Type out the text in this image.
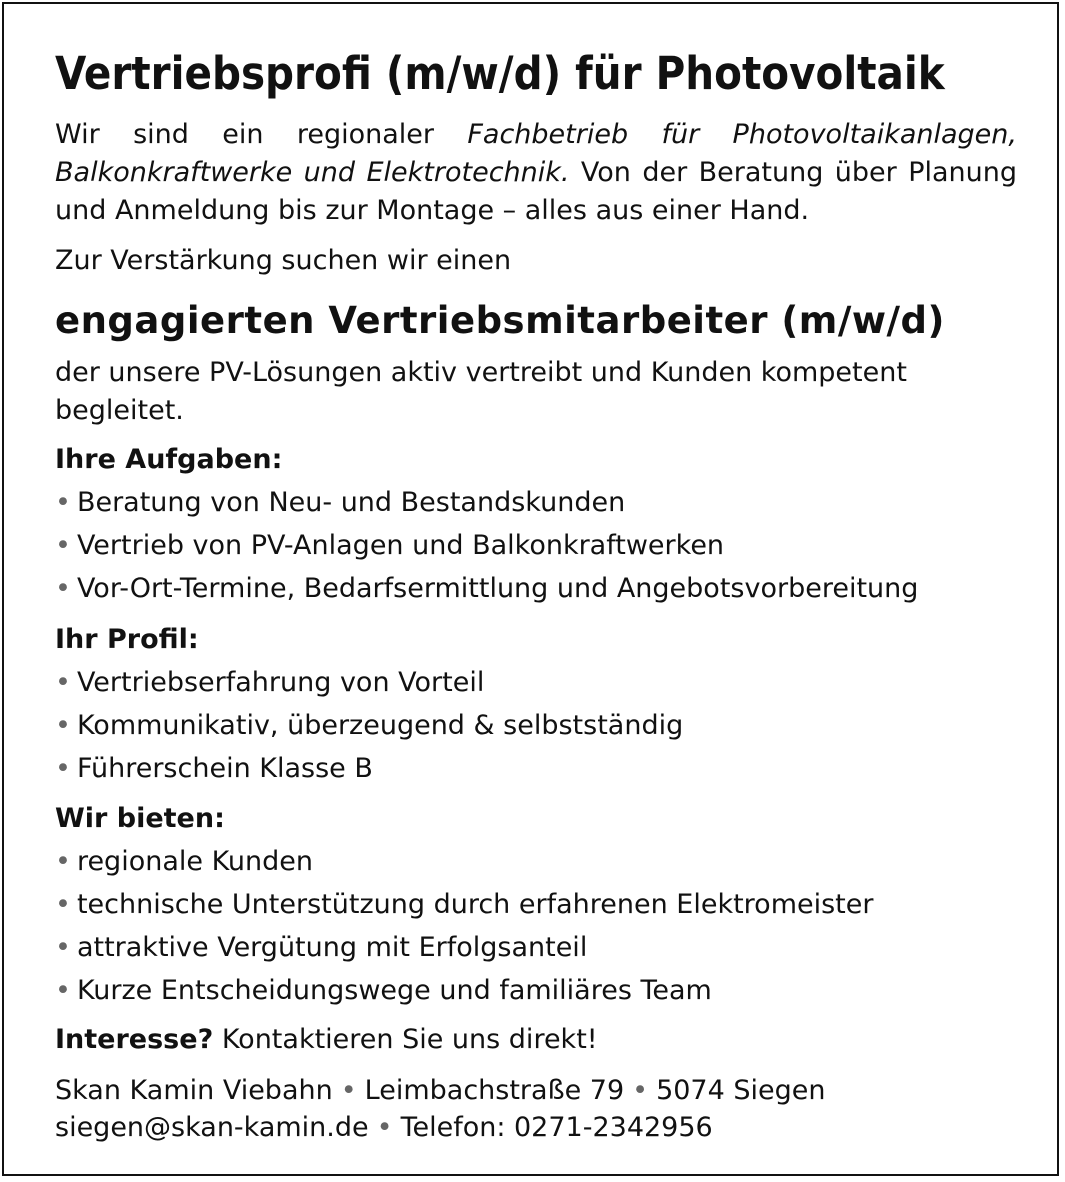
Vertriebsprofi (m/w/d) für Photovoltaik
Wir sind ein regionaler Fachbetrieb für Photovoltaikanlagen, Balkonkraftwerke und Elektrotechnik. Von der Beratung über Planung und Anmeldung bis zur Montage – alles aus einer Hand.
Zur Verstärkung suchen wir einen
engagierten Vertriebsmitarbeiter (m/w/d)
der unsere PV-Lösungen aktiv vertreibt und Kunden kompetent
begleitet.
Ihre Aufgaben:
• Beratung von Neu- und Bestandskunden
• Vertrieb von PV-Anlagen und Balkonkraftwerken
• Vor-Ort-Termine, Bedarfsermittlung und Angebotsvorbereitung
Ihr Profil:
• Vertriebserfahrung von Vorteil
• Kommunikativ, überzeugend & selbstständig
• Führerschein Klasse B
Wir bieten:
• regionale Kunden
• technische Unterstützung durch erfahrenen Elektromeister
• attraktive Vergütung mit Erfolgsanteil
• Kurze Entscheidungswege und familiäres Team
Interesse? Kontaktieren Sie uns direkt!
Skan Kamin Viebahn • Leimbachstraße 79 • 5074 Siegen
siegen@skan-kamin.de • Telefon: 0271-2342956
